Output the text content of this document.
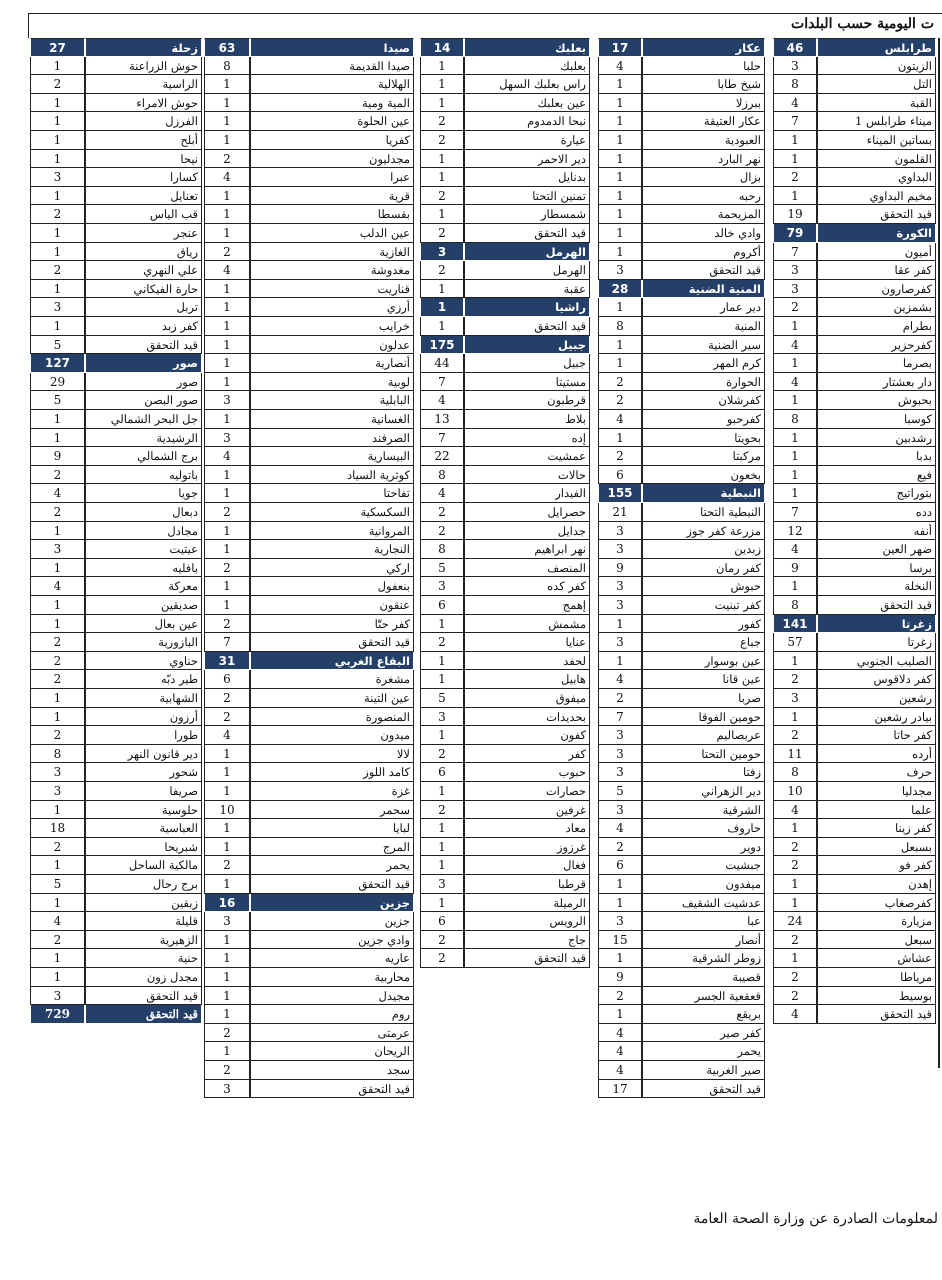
ت اليومية حسب البلدات
46	طرابلس
3	الزيتون
8	التل
4	القبة
7	ميناء طرابلس 1
1	بساتين الميناء
1	القلمون
2	البداوي
1	مخيم البداوي
19	قيد التحقق
79	الكورة
7	أميون
3	كفر عقا
3	كفرصارون
2	بشمزين
1	بطرام
4	كفرحزير
1	بصرما
4	دار بعشتار
1	بحبوش
8	كوسبا
1	رشدبين
1	بدبا
1	فيع
1	بتوراتيج
7	دده
12	أنفه
4	ضهر العين
9	برسا
1	النخلة
8	قيد التحقق
141	زغرتا
57	زغرتا
1	الصليب الجنوبي
2	كفر دلاقوس
3	رشعين
1	بيادر رشعين
2	كفر حاتا
11	أرده
8	حرف
10	مجدليا
4	علما
1	كفر زينا
2	بسبعل
2	كفر فو
1	إهدن
1	كفرصغاب
24	مزيارة
2	سبعل
1	عشاش
2	مرياطا
2	بوسيط
4	قيد التحقق
17	عكار
4	حلبا
1	شيخ طابا
1	ببرزلا
1	عكار العتيقة
1	العبودية
1	نهر البارد
1	بزال
1	رحبه
1	المزيحمة
1	وادي خالد
1	أكروم
3	قيد التحقق
28	المنية الضنية
1	دير عمار
8	المنية
1	سير الضنية
1	كرم المهر
2	الحوارة
2	كفرشلان
4	كفرحبو
1	بحويتا
2	مركبتا
6	بخعون
155	النبطية
21	النبطية التحتا
3	مزرعة كفر جوز
3	زبدين
9	كفر رمان
3	حبوش
3	كفر تبنيت
1	كفور
3	جباع
1	عين بوسوار
4	عين قانا
2	صربا
7	حومين الفوقا
3	عربصاليم
3	حومين التحتا
3	زفتا
5	دير الزهراني
3	الشرقية
4	حاروف
2	دوير
6	جبشيت
1	ميفدون
1	عدشيت الشقيف
3	عبا
15	أنصار
1	زوطر الشرقية
9	قصيبة
2	قعقعية الجسر
1	بريقع
4	كفر صير
4	يحمر
4	صير الغربية
17	قيد التحقق
14	بعلبك
1	بعلبك
1	راس بعلبك السهل
1	عين بعلبك
2	نبحا الدمدوم
2	عيارة
1	دير الاحمر
1	بدنايل
2	تمنين التحتا
1	شمسطار
2	قيد التحقق
3	الهرمل
2	الهرمل
1	عقبة
1	راشيا
1	قيد التحقق
175	جبيل
44	جبيل
7	مستيتا
4	قرطبون
13	بلاط
7	إده
22	عمشيت
8	حالات
4	الفيدار
2	حصرايل
2	جدايل
8	نهر ابراهيم
5	المنصف
3	كفر كده
6	إهمج
1	مشمش
2	عنايا
1	لحفد
1	هابيل
5	ميفوق
3	بحديدات
1	كفون
2	كفر
6	حبوب
1	حصارات
2	غرفين
1	معاد
1	غرزوز
1	فغال
3	قرطبا
1	الرميلة
6	الرويس
2	جاج
2	قيد التحقق
63	صيدا
8	صيدا القديمة
1	الهلالية
1	المية ومية
1	عين الحلوة
1	كفريا
2	مجدليون
4	عبرا
1	قرية
1	بقسطا
1	عين الدلب
2	الغازية
4	مغدوشة
1	قناريت
1	أرزي
1	خرايب
1	عدلون
1	أنصارية
1	لوبية
3	البابلية
1	الغسانية
3	الصرفند
4	البيسارية
1	كوثرية السياد
1	تفاحتا
2	السكسكية
1	المروانية
1	النجارية
2	اركي
1	بنعفول
1	عنقون
2	كفر حتّا
7	قيد التحقق
31	البقاع الغربي
6	مشغرة
2	عين التينة
2	المنصورة
4	ميدون
1	لالا
1	كامد اللوز
1	غزة
10	سحمر
1	لبايا
1	المرج
2	يحمر
1	قيد التحقق
16	جزين
3	جزين
1	وادي جزين
1	عاريه
1	محاربية
1	مجيدل
1	روم
2	عرمتى
1	الريحان
2	سجد
3	قيد التحقق
27	زحلة
1	حوش الزراعنة
2	الراسية
1	حوش الامراء
1	الفرزل
1	أبلح
1	نيحا
3	كسارا
1	تعنايل
2	قب الياس
1	عنجر
1	رياق
2	علي النهري
1	حارة الفيكاني
3	تربل
1	كفر زبد
5	قيد التحقق
127	صور
29	صور
5	صور البصن
1	جل البحر الشمالي
1	الرشيدية
9	برج الشمالي
2	باتوليه
4	جويا
2	دبعال
1	مجادل
3	عيتيت
1	بافليه
4	معركة
1	صديقين
1	عين بعال
2	البازورية
2	حناوي
2	طير دبّه
1	الشهابية
1	أرزون
2	طورا
8	دير قانون النهر
3	شحور
3	صريفا
1	حلوسية
18	العباسية
2	شبريحا
1	مالكية الساحل
5	برج رحال
1	زبقين
4	قليلة
2	الزهيرية
1	حنية
1	مجدل زون
3	قيد التحقق
729	قيد التحقق
لمعلومات الصادرة عن وزارة الصحة العامة
